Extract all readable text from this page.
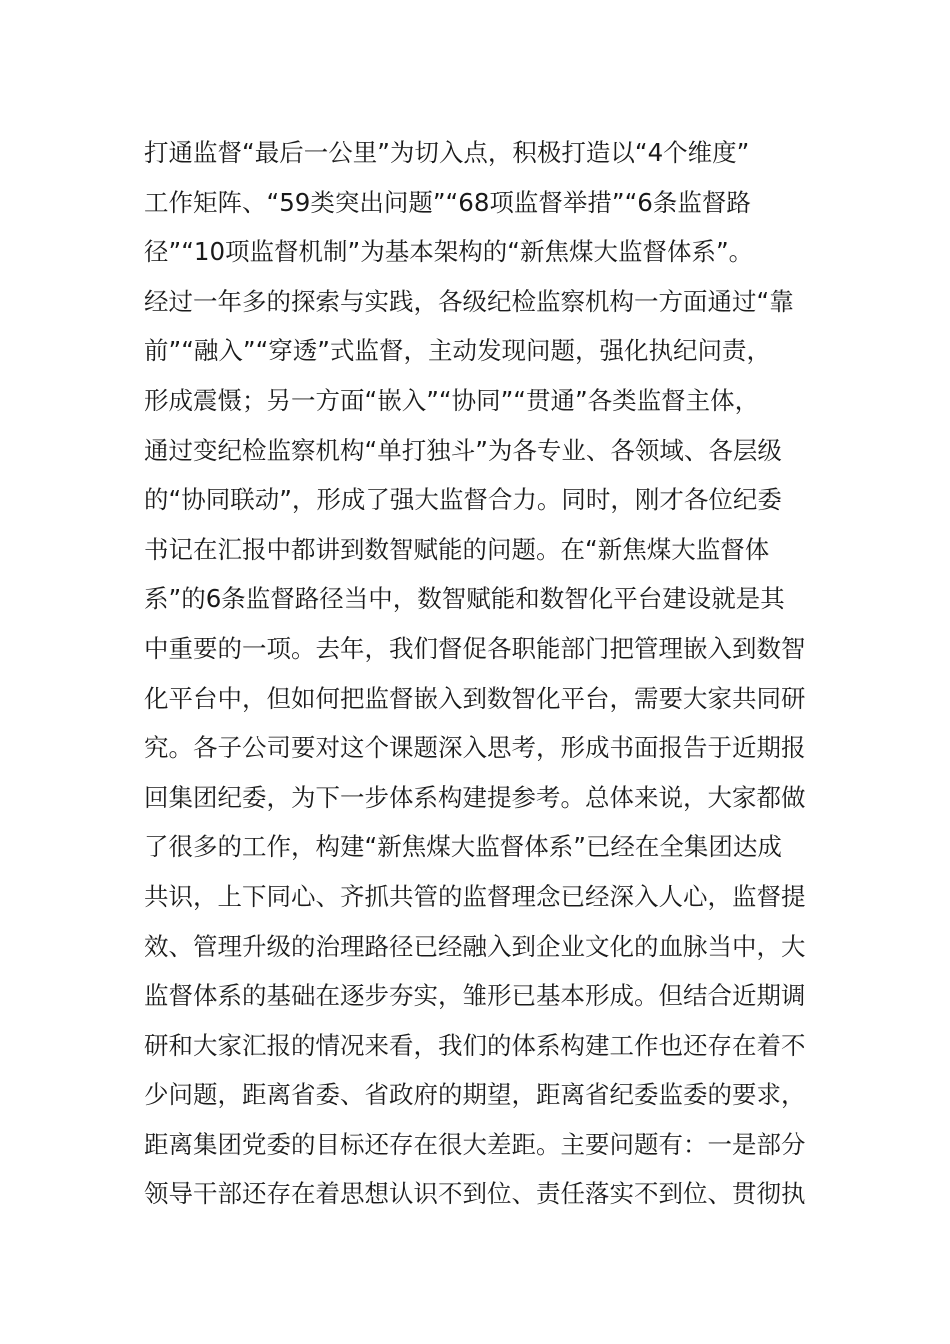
打通监督“最后一公里”为切入点，积极打造以“4个维度”
工作矩阵、“59类突出问题”“68项监督举措”“6条监督路
径”“10项监督机制”为基本架构的“新焦煤大监督体系”。
经过一年多的探索与实践，各级纪检监察机构一方面通过“靠
前”“融入”“穿透”式监督，主动发现问题，强化执纪问责，
形成震慑；另一方面“嵌入”“协同”“贯通”各类监督主体，
通过变纪检监察机构“单打独斗”为各专业、各领域、各层级
的“协同联动”，形成了强大监督合力。同时，刚才各位纪委
书记在汇报中都讲到数智赋能的问题。在“新焦煤大监督体
系”的6条监督路径当中，数智赋能和数智化平台建设就是其
中重要的一项。去年，我们督促各职能部门把管理嵌入到数智
化平台中，但如何把监督嵌入到数智化平台，需要大家共同研
究。各子公司要对这个课题深入思考，形成书面报告于近期报
回集团纪委，为下一步体系构建提参考。总体来说，大家都做
了很多的工作，构建“新焦煤大监督体系”已经在全集团达成
共识，上下同心、齐抓共管的监督理念已经深入人心，监督提
效、管理升级的治理路径已经融入到企业文化的血脉当中，大
监督体系的基础在逐步夯实，雏形已基本形成。但结合近期调
研和大家汇报的情况来看，我们的体系构建工作也还存在着不
少问题，距离省委、省政府的期望，距离省纪委监委的要求，
距离集团党委的目标还存在很大差距。主要问题有：一是部分
领导干部还存在着思想认识不到位、责任落实不到位、贯彻执
